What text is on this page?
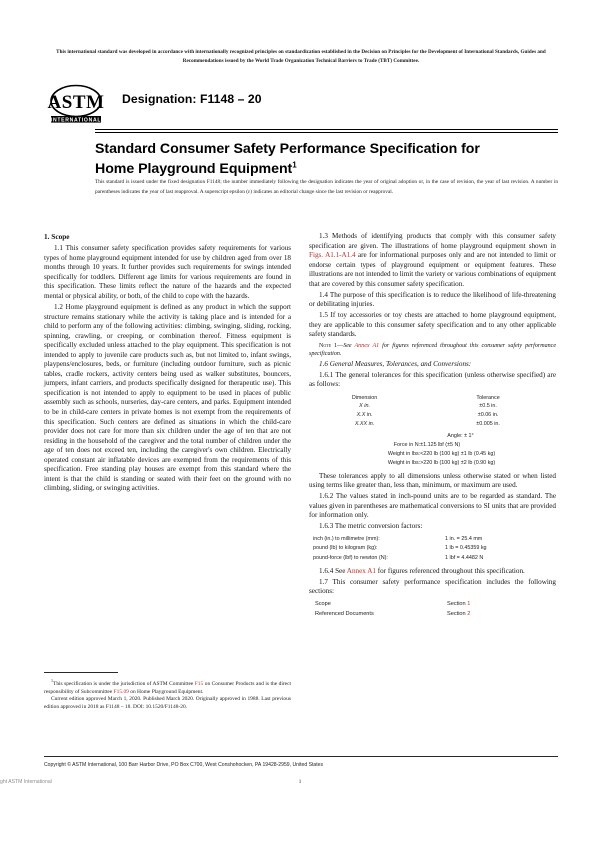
This international standard was developed in accordance with internationally recognized principles on standardization established in the Decision on Principles for the Development of International Standards, Guides and Recommendations issued by the World Trade Organization Technical Barriers to Trade (TBT) Committee.
ASTM
INTERNATIONAL
Designation: F1148 – 20
Standard Consumer Safety Performance Specification for
Home Playground Equipment$^1$
This standard is issued under the fixed designation F1148; the number immediately following the designation indicates the year of original adoption or, in the case of revision, the year of last revision. A number in parentheses indicates the year of last reapproval. A superscript epsilon (ε) indicates an editorial change since the last revision or reapproval.
1. Scope

1.1 This consumer safety specification provides safety requirements for various types of home playground equipment intended for use by children aged from over 18 months through 10 years. It further provides such requirements for swings intended specifically for toddlers. Different age limits for various requirements are found in this specification. These limits reflect the nature of the hazards and the expected mental or physical ability, or both, of the child to cope with the hazards.

1.2 Home playground equipment is defined as any product in which the support structure remains stationary while the activity is taking place and is intended for a child to perform any of the following activities: climbing, swinging, sliding, rocking, spinning, crawling, or creeping, or combination thereof. Fitness equipment is specifically excluded unless attached to the play equipment. This specification is not intended to apply to juvenile care products such as, but not limited to, infant swings, playpens/enclosures, beds, or furniture (including outdoor furniture, such as picnic tables, cradle rockers, activity centers being used as walker substitutes, bouncers, jumpers, infant carriers, and products specifically designed for therapeutic use). This specification is not intended to apply to equipment to be used in places of public assembly such as schools, nurseries, day-care centers, and parks. Equipment intended to be in child-care centers in private homes is not exempt from the requirements of this specification. Such centers are defined as situations in which the child-care provider does not care for more than six children under the age of ten that are not residing in the household of the caregiver and the total number of children under the age of ten does not exceed ten, including the caregiver's own children. Electrically operated constant air inflatable devices are exempted from the requirements of this specification. Free standing play houses are exempt from this standard where the intent is that the child is standing or seated with their feet on the ground with no climbing, sliding, or swinging activities.

$^1$This specification is under the jurisdiction of ASTM Committee F15 on Consumer Products and is the direct responsibility of Subcommittee F15.09 on Home Playground Equipment.

Current edition approved March 1, 2020. Published March 2020. Originally approved in 1988. Last previous edition approved in 2018 as F1148 – 18. DOI: 10.1520/F1148-20.

1.3 Methods of identifying products that comply with this consumer safety specification are given. The illustrations of home playground equipment shown in Figs. A1.1-A1.4 are for informational purposes only and are not intended to limit or endorse certain types of playground equipment or equipment features. These illustrations are not intended to limit the variety or various combinations of equipment that are covered by this consumer safety specification.

1.4 The purpose of this specification is to reduce the likelihood of life-threatening or debilitating injuries.

1.5 If toy accessories or toy chests are attached to home playground equipment, they are applicable to this consumer safety specification and to any other applicable safety standards.

Note 1—See Annex A1 for figures referenced throughout this consumer safety performance specification.

1.6 General Measures, Tolerances, and Conversions:

1.6.1 The general tolerances for this specification (unless otherwise specified) are as follows:

Dimension	Tolerance
X in.	±0.5 in.
X.X in.	±0.06 in.
X.XX in.	±0.005 in.
Angle: ± 1°	
Force in N:	±1.125 lbf (±5 N)
Weight in lbs:	<220 lb (100 kg) ±1 lb (0.45 kg)
Weight in lbs:	>220 lb (100 kg) ±2 lb (0.90 kg)

These tolerances apply to all dimensions unless otherwise stated or when listed using terms like greater than, less than, minimum, or maximum are used.

1.6.2 The values stated in inch-pound units are to be regarded as standard. The values given in parentheses are mathematical conversions to SI units that are provided for information only.

1.6.3 The metric conversion factors:

inch (in.) to millimetre (mm):	1 in. = 25.4 mm
pound (lb) to kilogram (kg):	1 lb = 0.45359 kg
pound-force (lbf) to newton (N):	1 lbf = 4.4482 N

1.6.4 See Annex A1 for figures referenced throughout this specification.

1.7 This consumer safety performance specification includes the following sections:

Scope	Section 1
Referenced Documents	Section 2
Copyright © ASTM International, 100 Barr Harbor Drive, PO Box C700, West Conshohocken, PA 19428-2959, United States
ght ASTM International	1
